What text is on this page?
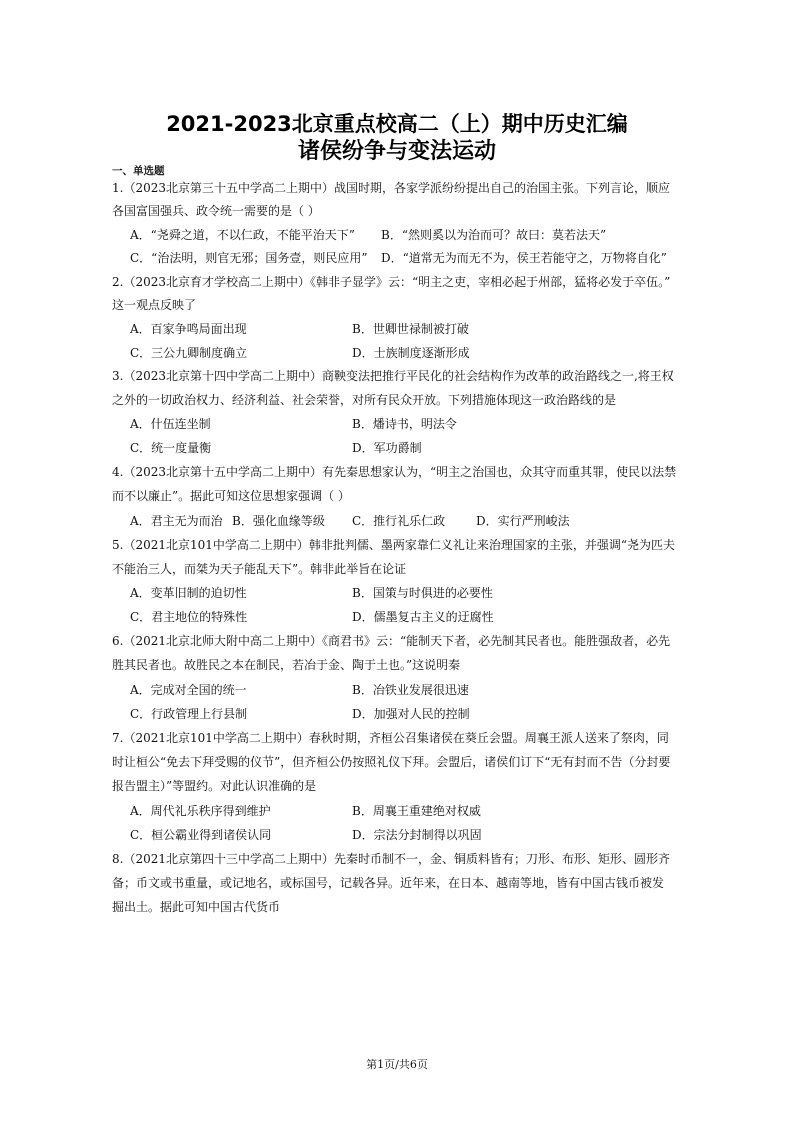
2021-2023北京重点校高二（上）期中历史汇编
诸侯纷争与变法运动
一、单选题
1.（2023北京第三十五中学高二上期中）战国时期，各家学派纷纷提出自己的治国主张。下列言论，顺应
各国富国强兵、政令统一需要的是（ ）
A．“尧舜之道，不以仁政，不能平治天下” B．“然则奚以为治而可？故曰：莫若法天”
C．“治法明，则官无邪；国务壹，则民应用” D．“道常无为而无不为，侯王若能守之，万物将自化”
2.（2023北京育才学校高二上期中）《韩非子显学》云：“明主之吏，宰相必起于州部，猛将必发于卒伍。”
这一观点反映了
A．百家争鸣局面出现	B．世卿世禄制被打破
C．三公九卿制度确立	D．士族制度逐渐形成
3.（2023北京第十四中学高二上期中）商鞅变法把推行平民化的社会结构作为改革的政治路线之一,将王权
之外的一切政治权力、经济利益、社会荣誉，对所有民众开放。下列措施体现这一政治路线的是
A．什伍连坐制	B．燔诗书，明法令
C．统一度量衡	D．军功爵制
4.（2023北京第十五中学高二上期中）有先秦思想家认为，“明主之治国也，众其守而重其罪，使民以法禁
而不以廉止”。据此可知这位思想家强调（ ）
A．君主无为而治 B．强化血缘等级 C．推行礼乐仁政	D．实行严刑峻法
5.（2021北京101中学高二上期中）韩非批判儒、墨两家靠仁义礼让来治理国家的主张，并强调“尧为匹夫
不能治三人，而桀为天子能乱天下”。韩非此举旨在论证
A．变革旧制的迫切性	B．国策与时俱进的必要性
C．君主地位的特殊性	D．儒墨复古主义的迂腐性
6.（2021北京北师大附中高二上期中）《商君书》云：“能制天下者，必先制其民者也。能胜强敌者，必先
胜其民者也。故胜民之本在制民，若冶于金、陶于土也。”这说明秦
A．完成对全国的统一	B．冶铁业发展很迅速
C．行政管理上行县制	D．加强对人民的控制
7.（2021北京101中学高二上期中）春秋时期，齐桓公召集诸侯在葵丘会盟。周襄王派人送来了祭肉，同
时让桓公“免去下拜受赐的仪节”，但齐桓公仍按照礼仪下拜。会盟后，诸侯们订下“无有封而不告（分封要
报告盟主）”等盟约。对此认识准确的是
A．周代礼乐秩序得到维护	B．周襄王重建绝对权威
C．桓公霸业得到诸侯认同	D．宗法分封制得以巩固
8.（2021北京第四十三中学高二上期中）先秦时币制不一，金、铜质料皆有；刀形、布形、矩形、圆形齐
备；币文或书重量，或记地名，或标国号，记载各异。近年来，在日本、越南等地，皆有中国古钱币被发
掘出土。据此可知中国古代货币
第1页/共6页
